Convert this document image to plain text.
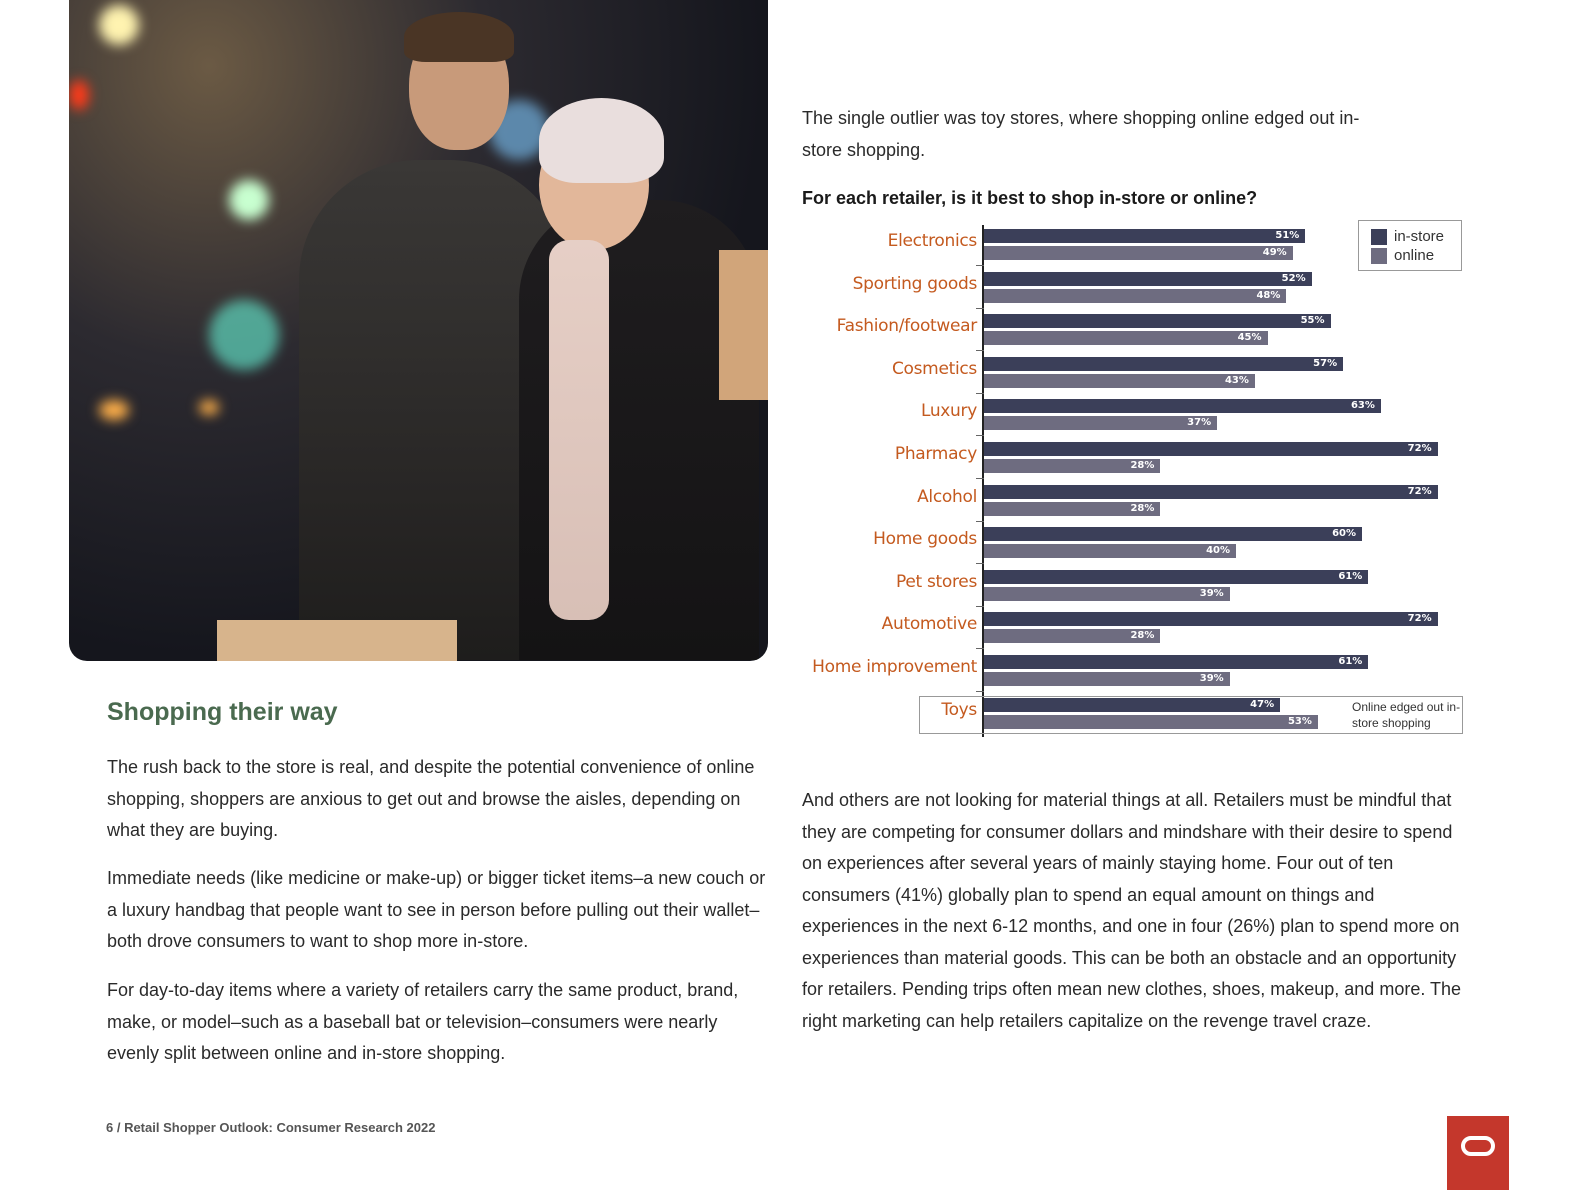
Shopping their way

The rush back to the store is real, and despite the potential convenience of online shopping, shoppers are anxious to get out and browse the aisles, depending on what they are buying.

Immediate needs (like medicine or make-up) or bigger ticket items–a new couch or a luxury handbag that people want to see in person before pulling out their wallet–both drove consumers to want to shop more in-store.

For day-to-day items where a variety of retailers carry the same product, brand, make, or model–such as a baseball bat or television–consumers were nearly evenly split between online and in-store shopping.

The single outlier was toy stores, where shopping online edged out in-store shopping.

For each retailer, is it best to shop in-store or online?
in-store
online
Online edged out in-store shopping
Electronics	51%
49%
Sporting goods	52%
48%
Fashion/footwear	55%
45%
Cosmetics	57%
43%
Luxury	63%
37%
Pharmacy	72%
28%
Alcohol	72%
28%
Home goods	60%
40%
Pet stores	61%
39%
Automotive	72%
28%
Home improvement	61%
39%
Toys	47%
53%

And others are not looking for material things at all. Retailers must be mindful that they are competing for consumer dollars and mindshare with their desire to spend on experiences after several years of mainly staying home. Four out of ten consumers (41%) globally plan to spend an equal amount on things and experiences in the next 6-12 months, and one in four (26%) plan to spend more on experiences than material goods. This can be both an obstacle and an opportunity for retailers. Pending trips often mean new clothes, shoes, makeup, and more. The right marketing can help retailers capitalize on the revenge travel craze.

6 / Retail Shopper Outlook: Consumer Research 2022
